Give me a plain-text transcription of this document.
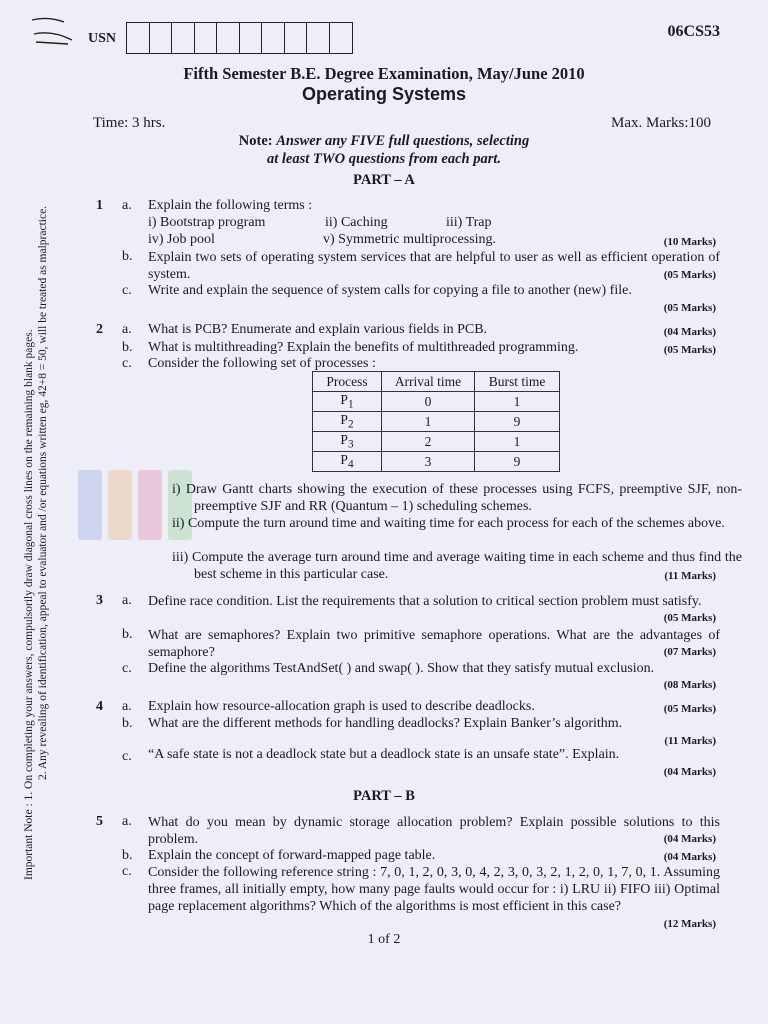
USN	06CS53
Fifth Semester B.E. Degree Examination, May/June 2010
Operating Systems
Time: 3 hrs.	Max. Marks:100
Note: Answer any FIVE full questions, selecting
at least TWO questions from each part.
PART – A
Important Note : 1. On completing your answers, compulsorily draw diagonal cross lines on the remaining blank pages. 2. Any revealing of identification, appeal to evaluator and /or equations written eg, 42+8 = 50, will be treated as malpractice.
1 a. Explain the following terms :
i) Bootstrap program	ii) Caching	iii) Trap
iv) Job pool	v) Symmetric multiprocessing.	(10 Marks)
b. Explain two sets of operating system services that are helpful to user as well as efficient operation of system.	(05 Marks)
c. Write and explain the sequence of system calls for copying a file to another (new) file.
(05 Marks)
2 a. What is PCB? Enumerate and explain various fields in PCB.	(04 Marks)
b. What is multithreading? Explain the benefits of multithreaded programming.	(05 Marks)
c. Consider the following set of processes :
Process	Arrival time	Burst time
$P_1$	0	1
$P_2$	1	9
$P_3$	2	1
$P_4$	3	9
i) Draw Gantt charts showing the execution of these processes using FCFS, preemptive SJF, non-preemptive SJF and RR (Quantum – 1) scheduling schemes.
ii) Compute the turn around time and waiting time for each process for each of the schemes above.
iii) Compute the average turn around time and average waiting time in each scheme and thus find the best scheme in this particular case.	(11 Marks)
3 a. Define race condition. List the requirements that a solution to critical section problem must satisfy.
(05 Marks)
b. What are semaphores? Explain two primitive semaphore operations. What are the advantages of semaphore?	(07 Marks)
c. Define the algorithms TestAndSet( ) and swap( ). Show that they satisfy mutual exclusion.
(08 Marks)
4 a. Explain how resource-allocation graph is used to describe deadlocks.	(05 Marks)
b. What are the different methods for handling deadlocks? Explain Banker’s algorithm.
(11 Marks)
c. “A safe state is not a deadlock state but a deadlock state is an unsafe state”. Explain.
(04 Marks)
PART – B
5 a. What do you mean by dynamic storage allocation problem? Explain possible solutions to this problem.	(04 Marks)
b. Explain the concept of forward-mapped page table.	(04 Marks)
c. Consider the following reference string : 7, 0, 1, 2, 0, 3, 0, 4, 2, 3, 0, 3, 2, 1, 2, 0, 1, 7, 0, 1. Assuming three frames, all initially empty, how many page faults would occur for : i) LRU ii) FIFO iii) Optimal page replacement algorithms? Which of the algorithms is most efficient in this case?
(12 Marks)
1 of 2
